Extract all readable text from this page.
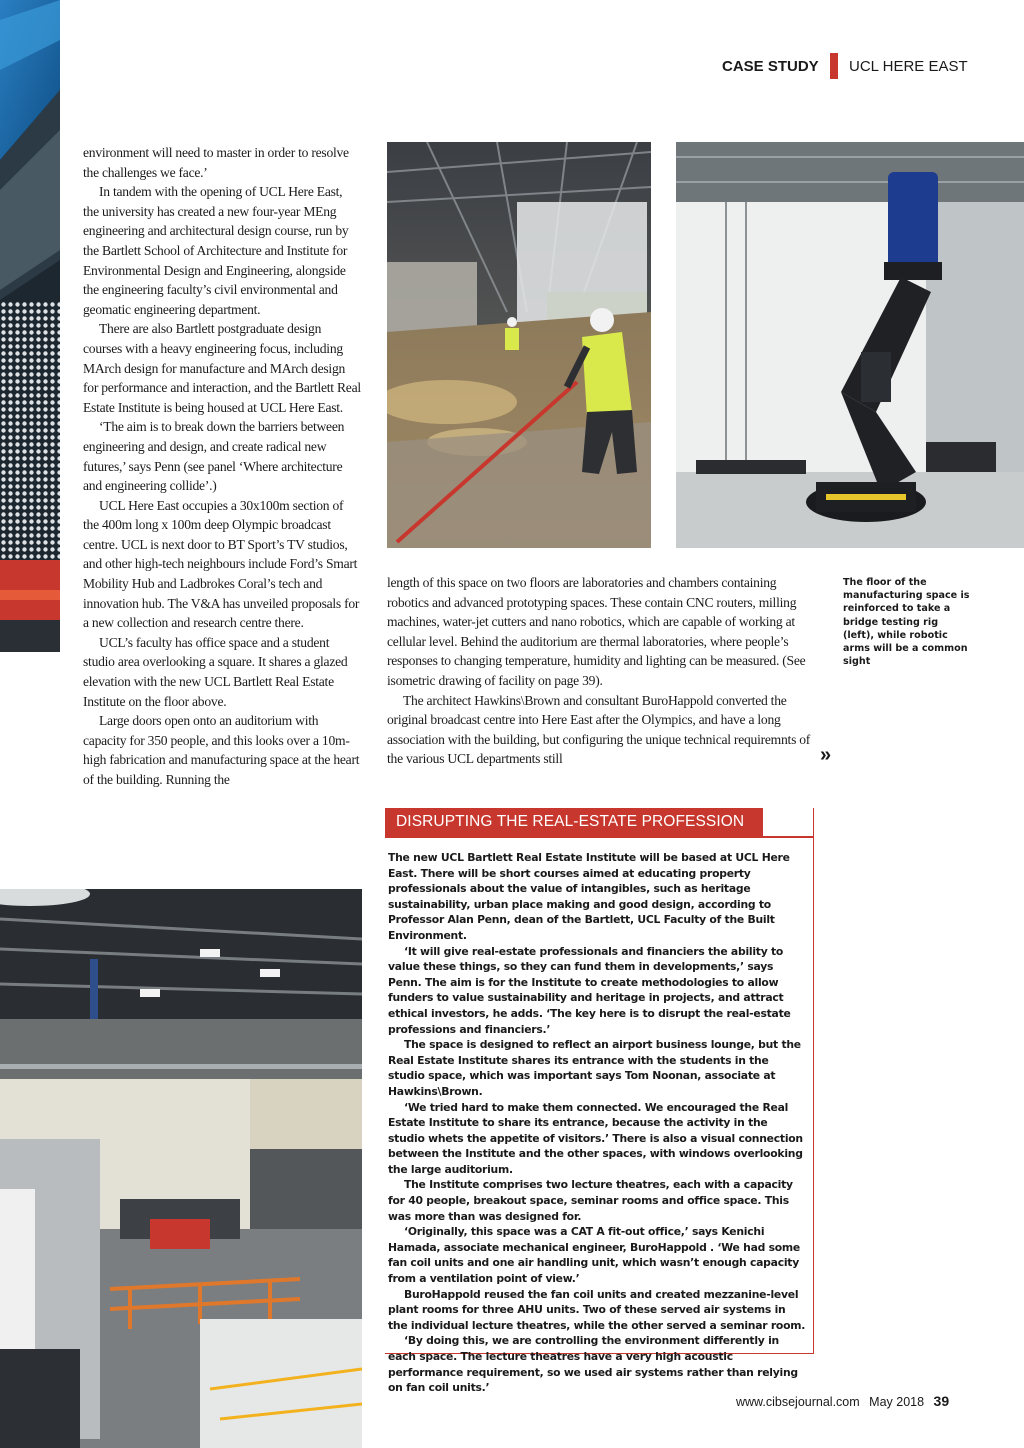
CASE STUDY UCL HERE EAST

environment will need to master in order to resolve the challenges we face.’

In tandem with the opening of UCL Here East, the university has created a new four-year MEng engineering and architectural design course, run by the Bartlett School of Architecture and Institute for Environmental Design and Engineering, alongside the engineering faculty’s civil environmental and geomatic engineering department.

There are also Bartlett postgraduate design courses with a heavy engineering focus, including MArch design for manufacture and MArch design for performance and interaction, and the Bartlett Real Estate Institute is being housed at UCL Here East.

‘The aim is to break down the barriers between engineering and design, and create radical new futures,’ says Penn (see panel ‘Where architecture and engineering collide’.)

UCL Here East occupies a 30x100m section of the 400m long x 100m deep Olympic broadcast centre. UCL is next door to BT Sport’s TV studios, and other high-tech neighbours include Ford’s Smart Mobility Hub and Ladbrokes Coral’s tech and innovation hub. The V&A has unveiled proposals for a new collection and research centre there.

UCL’s faculty has office space and a student studio area overlooking a square. It shares a glazed elevation with the new UCL Bartlett Real Estate Institute on the floor above.

Large doors open onto an auditorium with capacity for 350 people, and this looks over a 10m-high fabrication and manufacturing space at the heart of the building. Running the

length of this space on two floors are laboratories and chambers containing robotics and advanced prototyping spaces. These contain CNC routers, milling machines, water-jet cutters and nano robotics, which are capable of working at cellular level. Behind the auditorium are thermal laboratories, where people’s responses to changing temperature, humidity and lighting can be measured. (See isometric drawing of facility on page 39).

The architect Hawkins\Brown and consultant BuroHappold converted the original broadcast centre into Here East after the Olympics, and have a long association with the building, but configuring the unique technical requiremnts of the various UCL departments still	»
The floor of the manufacturing space is reinforced to take a bridge testing rig (left), while robotic arms will be a common sight
DISRUPTING THE REAL-ESTATE PROFESSION

The new UCL Bartlett Real Estate Institute will be based at UCL Here East. There will be short courses aimed at educating property professionals about the value of intangibles, such as heritage sustainability, urban place making and good design, according to Professor Alan Penn, dean of the Bartlett, UCL Faculty of the Built Environment.

‘It will give real-estate professionals and financiers the ability to value these things, so they can fund them in developments,’ says Penn. The aim is for the Institute to create methodologies to allow funders to value sustainability and heritage in projects, and attract ethical investors, he adds. ‘The key here is to disrupt the real-estate professions and financiers.’

The space is designed to reflect an airport business lounge, but the Real Estate Institute shares its entrance with the students in the studio space, which was important says Tom Noonan, associate at Hawkins\Brown.

‘We tried hard to make them connected. We encouraged the Real Estate Institute to share its entrance, because the activity in the studio whets the appetite of visitors.’ There is also a visual connection between the Institute and the other spaces, with windows overlooking the large auditorium.

The Institute comprises two lecture theatres, each with a capacity for 40 people, breakout space, seminar rooms and office space. This was more than was designed for.

‘Originally, this space was a CAT A fit-out office,’ says Kenichi Hamada, associate mechanical engineer, BuroHappold . ‘We had some fan coil units and one air handling unit, which wasn’t enough capacity from a ventilation point of view.’

BuroHappold reused the fan coil units and created mezzanine-level plant rooms for three AHU units. Two of these served air systems in the individual lecture theatres, while the other served a seminar room.

‘By doing this, we are controlling the environment differently in each space. The lecture theatres have a very high acoustic performance requirement, so we used air systems rather than relying on fan coil units.’

www.cibsejournal.com May 2018 39
